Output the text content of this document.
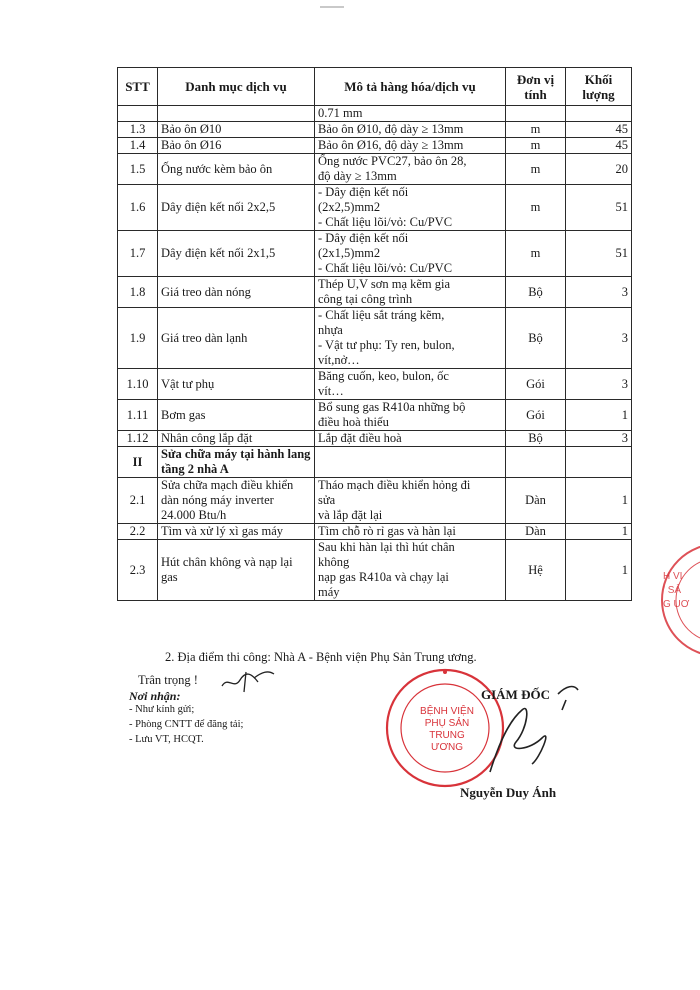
STT	Danh mục dịch vụ	Mô tả hàng hóa/dịch vụ	Đơn vị tính	Khối lượng
		0.71 mm		
1.3	Bảo ôn Ø10	Bảo ôn Ø10, độ dày ≥ 13mm	m	45
1.4	Bảo ôn Ø16	Bảo ôn Ø16, độ dày ≥ 13mm	m	45
1.5	Ống nước kèm bảo ôn	Ống nước PVC27, bảo ôn 28,
độ dày ≥ 13mm	m	20
1.6	Dây điện kết nối 2x2,5	- Dây điện kết nối
(2x2,5)mm2
- Chất liệu lõi/vỏ: Cu/PVC	m	51
1.7	Dây điện kết nối 2x1,5	- Dây điện kết nối
(2x1,5)mm2
- Chất liệu lõi/vỏ: Cu/PVC	m	51
1.8	Giá treo dàn nóng	Thép U,V sơn mạ kẽm gia
công tại công trình	Bộ	3
1.9	Giá treo dàn lạnh	- Chất liệu sắt tráng kẽm,
nhựa
- Vật tư phụ: Ty ren, bulon,
vít,nở…	Bộ	3
1.10	Vật tư phụ	Băng cuốn, keo, bulon, ốc
vít…	Gói	3
1.11	Bơm gas	Bổ sung gas R410a những bộ
điều hoà thiếu	Gói	1
1.12	Nhân công lắp đặt	Lắp đặt điều hoà	Bộ	3
II	Sửa chữa máy tại hành lang tầng 2 nhà A			
2.1	Sửa chữa mạch điều khiển dàn nóng máy inverter 24.000 Btu/h	Tháo mạch điều khiển hỏng đi
sửa
và lắp đặt lại	Dàn	1
2.2	Tìm và xử lý xì gas máy	Tìm chỗ rò rỉ gas và hàn lại	Dàn	1
2.3	Hút chân không và nạp lại gas	Sau khi hàn lại thì hút chân
không
nạp gas R410a và chạy lại
máy	Hệ	1
2. Địa điểm thi công: Nhà A - Bệnh viện Phụ Sản Trung ương.
Trân trọng !
Nơi nhận:
- Như kính gửi;
- Phòng CNTT để đăng tải;
- Lưu VT, HCQT.
BỆNH VIỆN
PHỤ SẢN
TRUNG ƯƠNG
H VI
' SẢ
G UƠ
GIÁM ĐỐC
Nguyễn Duy Ánh
